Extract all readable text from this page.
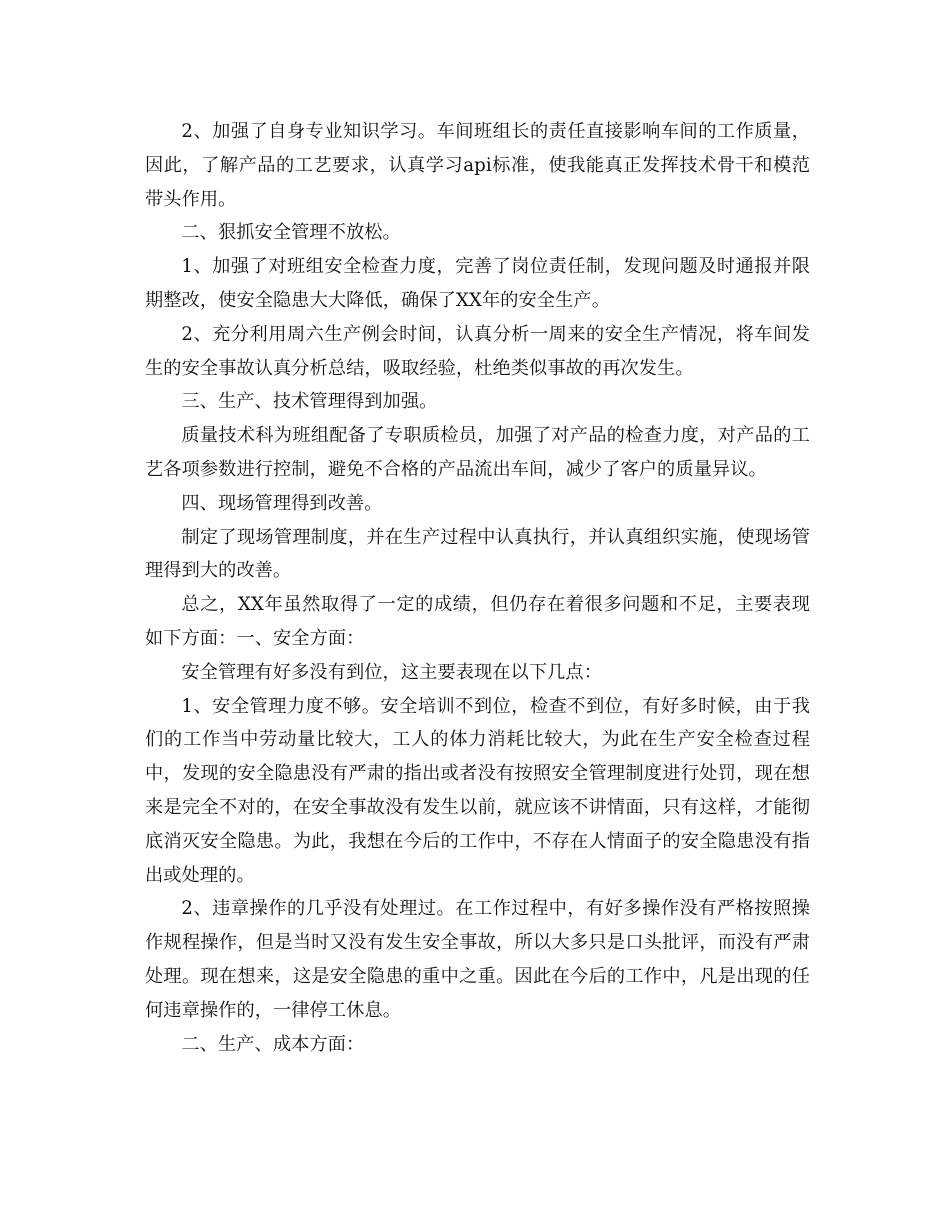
2、加强了自身专业知识学习。车间班组长的责任直接影响车间的工作质量，因此，了解产品的工艺要求，认真学习api标准，使我能真正发挥技术骨干和模范带头作用。

二、狠抓安全管理不放松。

1、加强了对班组安全检查力度，完善了岗位责任制，发现问题及时通报并限期整改，使安全隐患大大降低，确保了XX年的安全生产。

2、充分利用周六生产例会时间，认真分析一周来的安全生产情况，将车间发生的安全事故认真分析总结，吸取经验，杜绝类似事故的再次发生。

三、生产、技术管理得到加强。

质量技术科为班组配备了专职质检员，加强了对产品的检查力度，对产品的工艺各项参数进行控制，避免不合格的产品流出车间，减少了客户的质量异议。

四、现场管理得到改善。

制定了现场管理制度，并在生产过程中认真执行，并认真组织实施，使现场管理得到大的改善。

总之，XX年虽然取得了一定的成绩，但仍存在着很多问题和不足，主要表现如下方面：一、安全方面：

安全管理有好多没有到位，这主要表现在以下几点：

1、安全管理力度不够。安全培训不到位，检查不到位，有好多时候，由于我们的工作当中劳动量比较大，工人的体力消耗比较大，为此在生产安全检查过程中，发现的安全隐患没有严肃的指出或者没有按照安全管理制度进行处罚，现在想来是完全不对的，在安全事故没有发生以前，就应该不讲情面，只有这样，才能彻底消灭安全隐患。为此，我想在今后的工作中，不存在人情面子的安全隐患没有指出或处理的。

2、违章操作的几乎没有处理过。在工作过程中，有好多操作没有严格按照操作规程操作，但是当时又没有发生安全事故，所以大多只是口头批评，而没有严肃处理。现在想来，这是安全隐患的重中之重。因此在今后的工作中，凡是出现的任何违章操作的，一律停工休息。

二、生产、成本方面：
